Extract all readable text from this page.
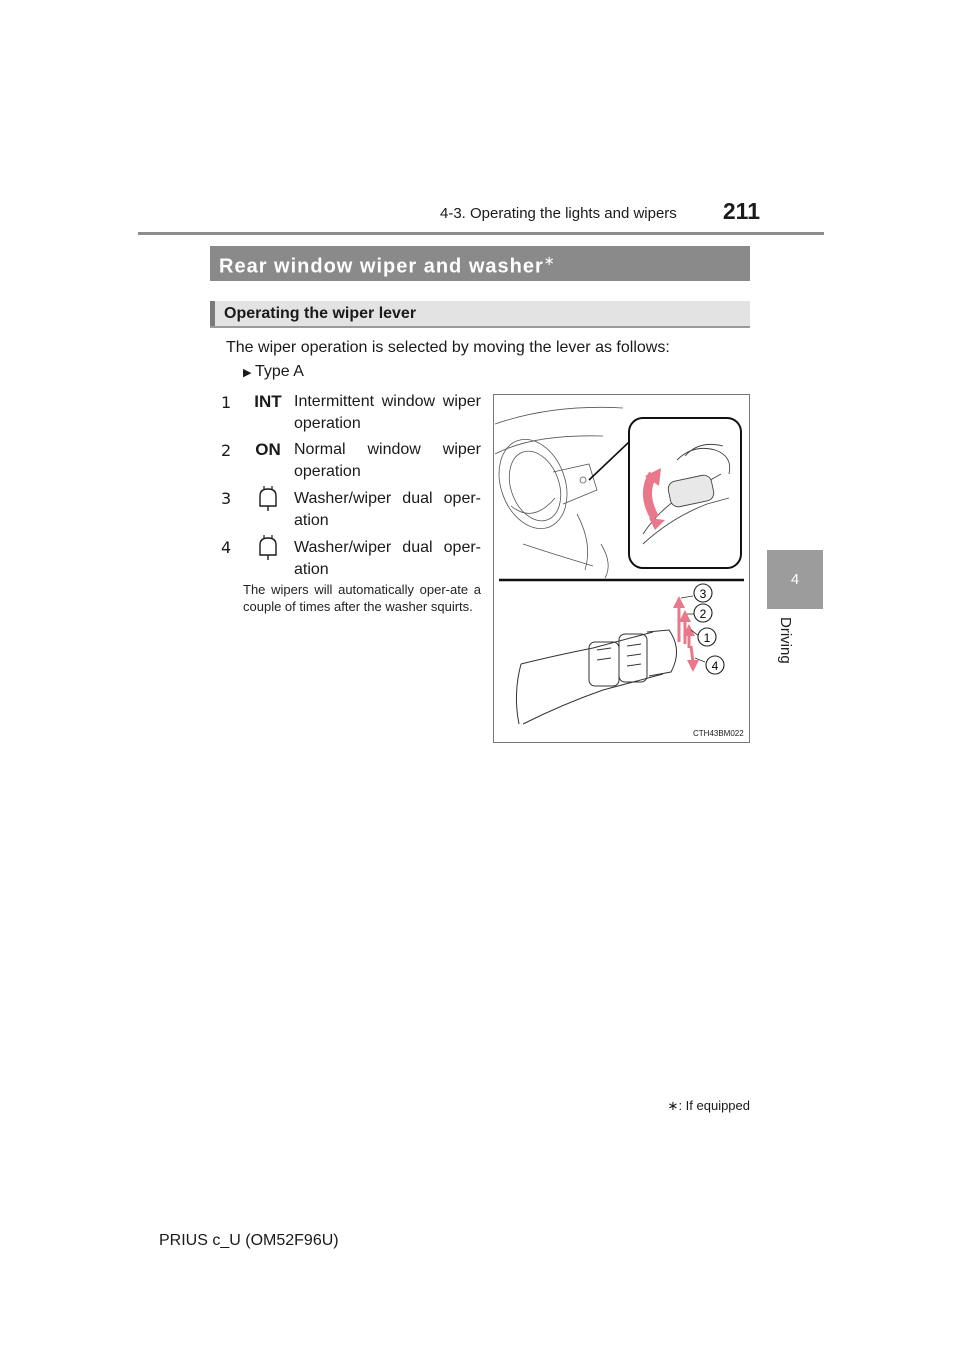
4-3. Operating the lights and wipers	211
4
Driving
Rear window wiper and washer∗
Operating the wiper lever
The wiper operation is selected by moving the lever as follows:
▶ Type A
1 INT Intermittent window wiper operation
2 ON Normal window wiper operation
3	Washer/wiper dual oper-ation
4	Washer/wiper dual oper-ation
The wipers will automatically oper-ate a couple of times after the washer squirts.
3
2
1
4
CTH43BM022
∗: If equipped
PRIUS c_U (OM52F96U)
